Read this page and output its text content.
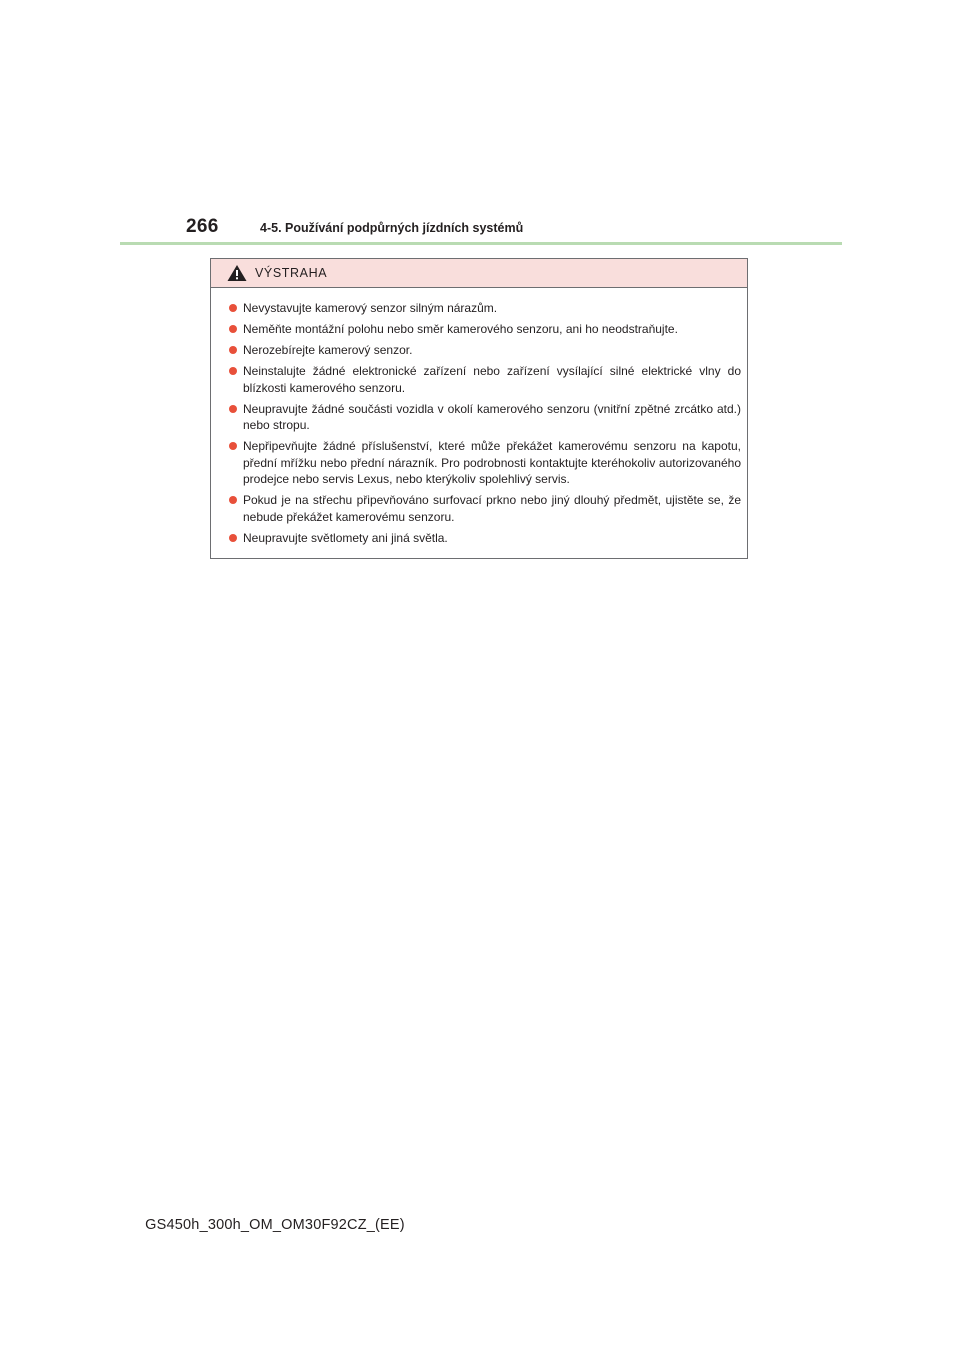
266	4-5. Používání podpůrných jízdních systémů
VÝSTRAHA
Nevystavujte kamerový senzor silným nárazům.
Neměňte montážní polohu nebo směr kamerového senzoru, ani ho neodstraňujte.
Nerozebírejte kamerový senzor.
Neinstalujte žádné elektronické zařízení nebo zařízení vysílající silné elektrické vlny do blízkosti kamerového senzoru.
Neupravujte žádné součásti vozidla v okolí kamerového senzoru (vnitřní zpětné zrcátko atd.) nebo stropu.
Nepřipevňujte žádné příslušenství, které může překážet kamerovému senzoru na kapotu, přední mřížku nebo přední nárazník. Pro podrobnosti kontaktujte kteréhokoliv autorizovaného prodejce nebo servis Lexus, nebo kterýkoliv spolehlivý servis.
Pokud je na střechu připevňováno surfovací prkno nebo jiný dlouhý předmět, ujistěte se, že nebude překážet kamerovému senzoru.
Neupravujte světlomety ani jiná světla.
GS450h_300h_OM_OM30F92CZ_(EE)
